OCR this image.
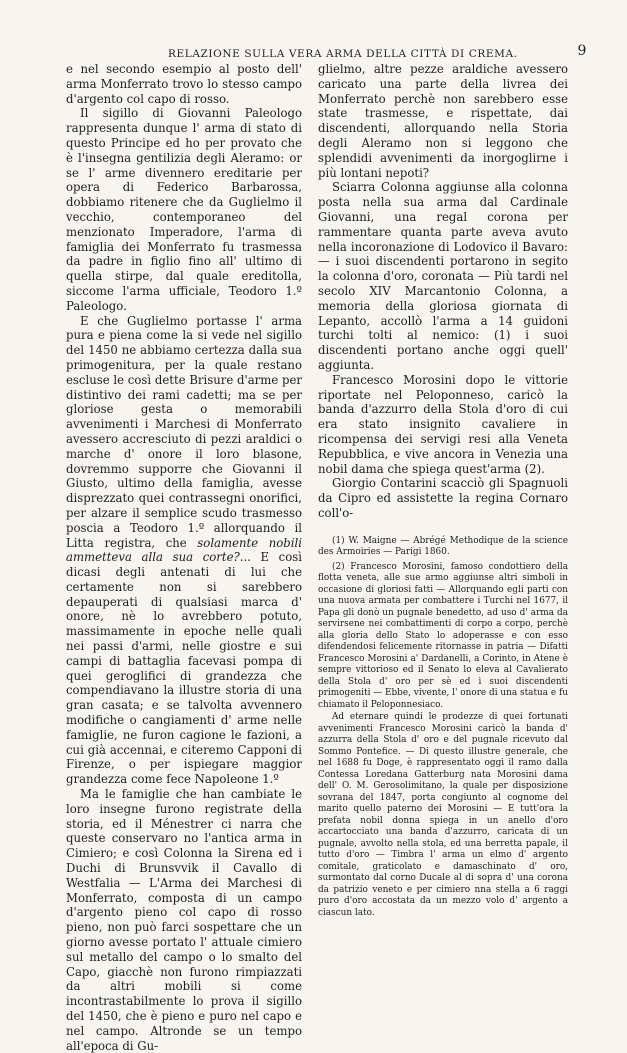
RELAZIONE SULLA VERA ARMA DELLA CITTÀ DI CREMA.	9

e nel secondo esempio al posto dell' arma Monferrato trovo lo stesso campo d'argento col capo di rosso.

Il sigillo di Giovanni Paleologo rappresenta dunque l' arma di stato di questo Principe ed ho per provato che è l'insegna gentilizia degli Aleramo: or se l' arme divennero ereditarie per opera di Federico Barbarossa, dobbiamo ritenere che da Guglielmo il vecchio, contemporaneo del menzionato Imperadore, l'arma di famiglia dei Monferrato fu trasmessa da padre in figlio fino all' ultimo di quella stirpe, dal quale ereditolla, siccome l'arma ufficiale, Teodoro 1.º Paleologo.

E che Guglielmo portasse l' arma pura e piena come la si vede nel sigillo del 1450 ne abbiamo certezza dalla sua primogenitura, per la quale restano escluse le così dette Brisure d'arme per distintivo dei rami cadetti; ma se per gloriose gesta o memorabili avvenimenti i Marchesi di Monferrato avessero accresciuto di pezzi araldici o marche d' onore il loro blasone, dovremmo supporre che Giovanni il Giusto, ultimo della famiglia, avesse disprezzato quei contrassegni onorifici, per alzare il semplice scudo trasmesso poscia a Teodoro 1.º allorquando il Litta registra, che solamente nobili ammetteva alla sua corte?... E così dicasi degli antenati di lui che certamente non si sarebbero depauperati di qualsiasi marca d' onore, nè lo avrebbero potuto, massimamente in epoche nelle quali nei passi d'armi, nelle giostre e sui campi di battaglia facevasi pompa di quei geroglifici di grandezza che compendiavano la illustre storia di una gran casata; e se talvolta avvennero modifiche o cangiamenti d' arme nelle famiglie, ne furon cagione le fazioni, a cui già accennai, e citeremo Capponi di Firenze, o per ispiegare maggior grandezza come fece Napoleone 1.º

Ma le famiglie che han cambiate le loro insegne furono registrate della storia, ed il Ménestrer ci narra che queste conservaro no l'antica arma in Cimiero; e così Colonna la Sirena ed i Duchi di Brunsvvik il Cavallo di Westfalia — L'Arma dei Marchesi di Monferrato, composta di un campo d'argento pieno col capo di rosso pieno, non può farci sospettare che un giorno avesse portato l' attuale cimiero sul metallo del campo o lo smalto del Capo, giacchè non furono rimpiazzati da altri mobili si come incontrastabilmente lo prova il sigillo del 1450, che è pieno e puro nel capo e nel campo. Altronde se un tempo all'epoca di Gu-

glielmo, altre pezze araldiche avessero caricato una parte della livrea dei Monferrato perchè non sarebbero esse state trasmesse, e rispettate, dai discendenti, allorquando nella Storia degli Aleramo non si leggono che splendidi avvenimenti da inorgoglirne i più lontani nepoti?

Sciarra Colonna aggiunse alla colonna posta nella sua arma dal Cardinale Giovanni, una regal corona per rammentare quanta parte aveva avuto nella incoronazione di Lodovico il Bavaro: — i suoi discendenti portarono in segito la colonna d'oro, coronata — Più tardi nel secolo XIV Marcantonio Colonna, a memoria della gloriosa giornata di Lepanto, accollò l'arma a 14 guidoni turchi tolti al nemico: (1) i suoi discendenti portano anche oggi quell' aggiunta.

Francesco Morosini dopo le vittorie riportate nel Peloponneso, caricò la banda d'azzurro della Stola d'oro di cui era stato insignito cavaliere in ricompensa dei servigi resi alla Veneta Repubblica, e vive ancora in Venezia una nobil dama che spiega quest'arma (2).

Giorgio Contarini scacciò gli Spagnuoli da Cipro ed assistette la regina Cornaro coll'o-

(1) W. Maigne — Abrégé Methodique de la science des Armoiries — Parigi 1860.

(2) Francesco Morosini, famoso condottiero della flotta veneta, alle sue armo aggiunse altri simboli in occasione di gloriosi fatti — Allorquando egli parti con una nuova armata per combattere i Turchi nel 1677, il Papa gli donò un pugnale benedetto, ad uso d' arma da servirsene nei combattimenti di corpo a corpo, perchè alla gloria dello Stato lo adoperasse e con esso difendendosi felicemente ritornasse in patria — Difatti Francesco Morosini a' Dardanelli, a Corinto, in Atene è sempre vittorioso ed il Senato lo eleva al Cavalierato della Stola d' oro per sè ed i suoi discendenti primogeniti — Ebbe, vivente, l' onore di una statua e fu chiamato il Peloponnesiaco.

Ad eternare quindi le prodezze di quei fortunati avvenimenti Francesco Morosini caricò la banda d' azzurra della Stola d' oro e del pugnale ricevuto dal Sommo Pontefice. — Di questo illustre generale, che nel 1688 fu Doge, è rappresentato oggi il ramo dalla Contessa Loredana Gatterburg nata Morosini dama dell' O. M. Gerosolimitano, la quale per disposizione sovrana del 1847, porta congiunto al cognome del marito quello paterno dei Morosini — E tutt'ora la prefata nobil donna spiega in un anello d'oro accartocciato una banda d'azzurro, caricata di un pugnale, avvolto nella stola, ed una berretta papale, il tutto d'oro — Timbra l' arma un elmo d' argento comitale, graticolato e damaschinato d' oro, surmontato dal corno Ducale al di sopra d' una corona da patrizio veneto e per cimiero nna stella a 6 raggi puro d'oro accostata da un mezzo volo d' argento a ciascun lato.
